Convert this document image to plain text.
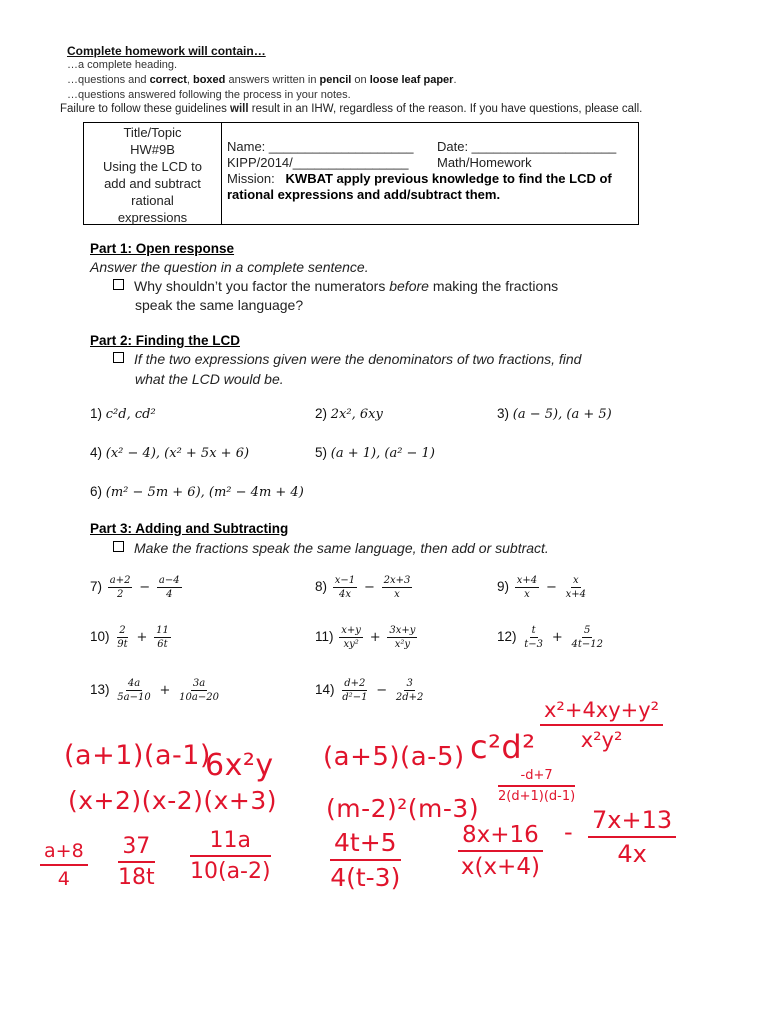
Complete homework will contain…
…a complete heading.
…questions and correct, boxed answers written in pencil on loose leaf paper.
…questions answered following the process in your notes.
Failure to follow these guidelines will result in an IHW, regardless of the reason. If you have questions, please call.
Title/Topic
HW#9B
Using the LCD to
add and subtract
rational
expressions
Name: ____________________	Date: ____________________
KIPP/2014/________________	Math/Homework
Mission: KWBAT apply previous knowledge to find the LCD of
rational expressions and add/subtract them.
Part 1: Open response
Answer the question in a complete sentence.
Why shouldn’t you factor the numerators before making the fractions
speak the same language?
Part 2: Finding the LCD
If the two expressions given were the denominators of two fractions, find
what the LCD would be.
1) c²d, cd²	2) 2x², 6xy	3) (a − 5), (a + 5)
4) (x² − 4), (x² + 5x + 6)	5) (a + 1), (a² − 1)
6) (m² − 5m + 6), (m² − 4m + 4)
Part 3: Adding and Subtracting
Make the fractions speak the same language, then add or subtract.
$7) \frac{a+2}{2} - \frac{a-4}{4}$	$8) \frac{x-1}{4x} - \frac{2x+3}{x}$	$9) \frac{x+4}{x} - \frac{x}{x+4}$
$10) \frac{2}{9t} + \frac{11}{6t}$	$11) \frac{x+y}{\text{xy²}} + \frac{3x+y}{\text{x²y}}$	$12) \frac{t}{t-3} + \frac{5}{4t-12}$
$13) \frac{4a}{5a-10} + \frac{3a}{10a-20}$	$14) \frac{d+2}{\text{d²−1}} - \frac{3}{2d+2}$
(a+1)(a-1)
6x²y (a+5)(a-5) $c^2d^2 \frac{\text{x²+4xy+y²}}{\text{x²y²}}$
(x+2)(x-2)(x+3) (m-2)²(m-3)
$\frac{-d+7}{2(d+1)(d-1)}$
$\frac{a+8}{4} \frac{37}{18t} \frac{11a}{10(a-2)} \frac{4t+5}{4(t-3)} \frac{8x+16}{x(x+4)} - \frac{7x+13}{4x}$
